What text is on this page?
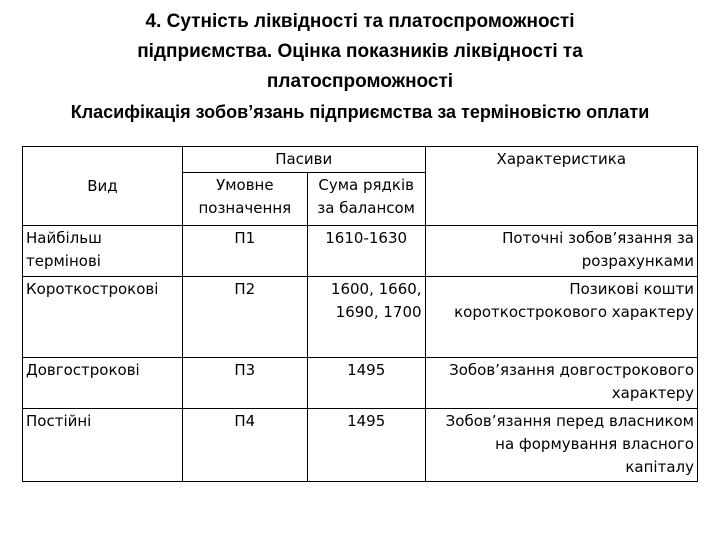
4. Сутність ліквідності та платоспроможності
підприємства. Оцінка показників ліквідності та
платоспроможності
Класифікація зобов’язань підприємства за терміновістю оплати
Вид	Пасиви		Характеристика
	Умовне позначення	Сума рядків за балансом	
Найбільш термінові	П1	1610-1630	Поточні зобов’язання за розрахунками
Короткострокові	П2	1600, 1660, 1690, 1700	Позикові кошти короткострокового характеру
Довгострокові	П3	1495	Зобов’язання довгострокового характеру
Постійні	П4	1495	Зобов’язання перед власником на формування власного капіталу
